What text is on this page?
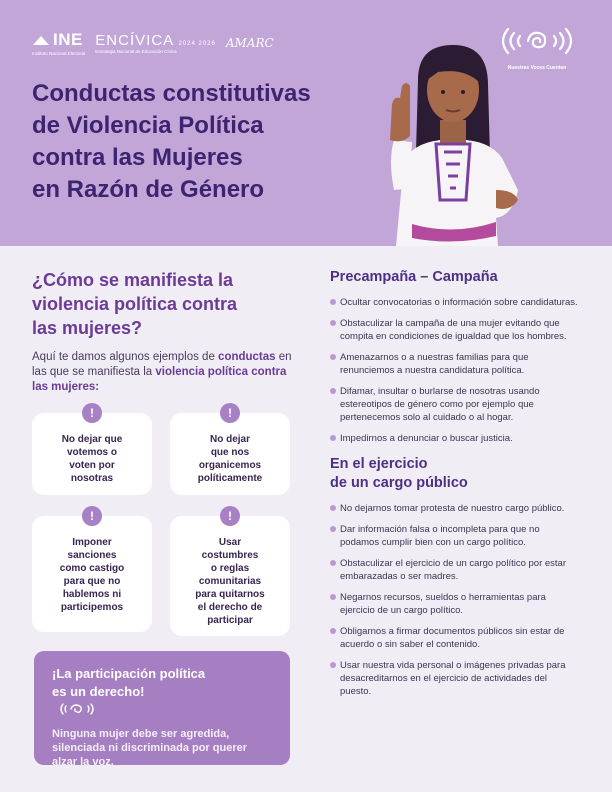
INE
Instituto Nacional Electoral
ENCÍVICA 2024 2026
Estrategia Nacional de Educación Cívica
AMARC
Nuestras Voces Cuentan
Conductas constitutivas
de Violencia Política
contra las Mujeres
en Razón de Género
¿Cómo se manifiesta la
violencia política contra
las mujeres?

Aquí te damos algunos ejemplos de conductas en las que se manifiesta la violencia política contra las mujeres:

!
No dejar que
votemos o
voten por
nosotras
!
No dejar
que nos
organicemos
políticamente
!
Imponer
sanciones
como castigo
para que no
hablemos ni
participemos
!
Usar
costumbres
o reglas
comunitarias
para quitarnos
el derecho de
participar
¡La participación política
es un derecho!

Ninguna mujer debe ser agredida, silenciada ni discriminada por querer alzar la voz.

Precampaña – Campaña
Ocultar convocatorias o información sobre candidaturas.
Obstaculizar la campaña de una mujer evitando que compita en condiciones de igualdad que los hombres.
Amenazarnos o a nuestras familias para que renunciemos a nuestra candidatura política.
Difamar, insultar o burlarse de nosotras usando estereotipos de género como por ejemplo que pertenecemos solo al cuidado o al hogar.
Impedirnos a denunciar o buscar justicia.
En el ejercicio
de un cargo público
No dejarnos tomar protesta de nuestro cargo público.
Dar información falsa o incompleta para que no podamos cumplir bien con un cargo político.
Obstaculizar el ejercicio de un cargo político por estar embarazadas o ser madres.
Negarnos recursos, sueldos o herramientas para ejercicio de un cargo político.
Obligarnos a firmar documentos públicos sin estar de acuerdo o sin saber el contenido.
Usar nuestra vida personal o imágenes privadas para desacreditarnos en el ejercicio de actividades del puesto.
